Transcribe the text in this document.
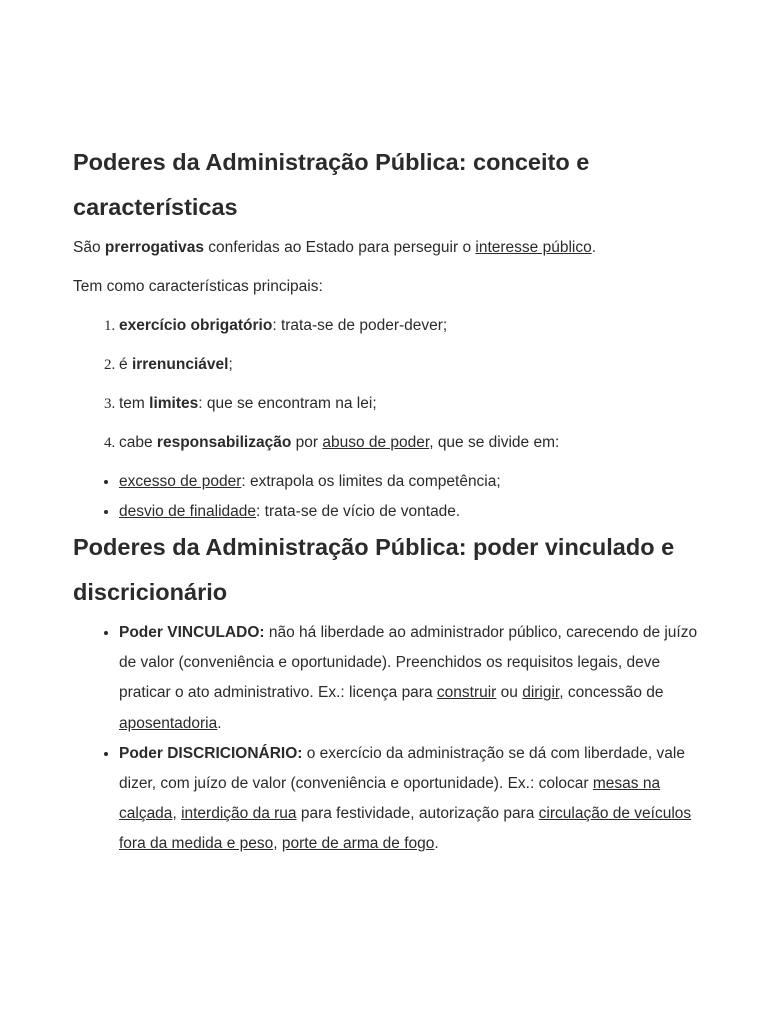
Poderes da Administração Pública: conceito e características

São prerrogativas conferidas ao Estado para perseguir o interesse público.

Tem como características principais:

1. exercício obrigatório: trata-se de poder-dever;
2. é irrenunciável;
3. tem limites: que se encontram na lei;
4. cabe responsabilização por abuso de poder, que se divide em:
• excesso de poder: extrapola os limites da competência;
• desvio de finalidade: trata-se de vício de vontade.
Poderes da Administração Pública: poder vinculado e discricionário
• Poder VINCULADO: não há liberdade ao administrador público, carecendo de juízo de valor (conveniência e oportunidade). Preenchidos os requisitos legais, deve praticar o ato administrativo. Ex.: licença para construir ou dirigir, concessão de aposentadoria.
• Poder DISCRICIONÁRIO: o exercício da administração se dá com liberdade, vale dizer, com juízo de valor (conveniência e oportunidade). Ex.: colocar mesas na calçada, interdição da rua para festividade, autorização para circulação de veículos fora da medida e peso, porte de arma de fogo.
